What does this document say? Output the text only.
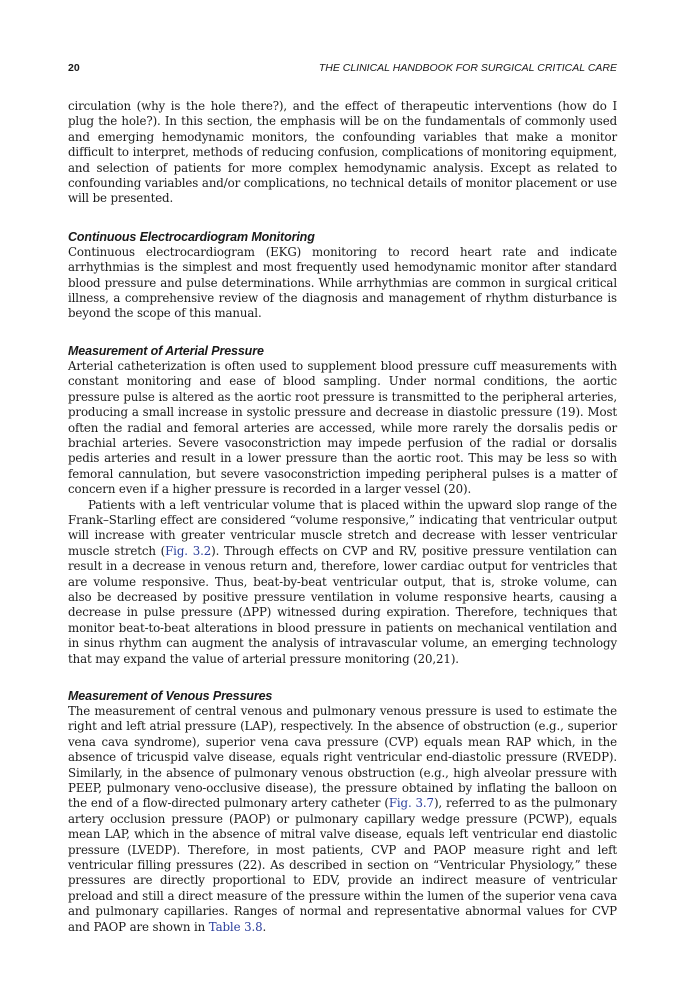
20	THE CLINICAL HANDBOOK FOR SURGICAL CRITICAL CARE

circulation (why is the hole there?), and the effect of therapeutic interventions (how do I plug the hole?). In this section, the emphasis will be on the fundamentals of commonly used and emerging hemodynamic monitors, the confounding variables that make a monitor difficult to interpret, methods of reducing confusion, complications of monitoring equipment, and selection of patients for more complex hemodynamic analysis. Except as related to confounding variables and/or complications, no technical details of monitor placement or use will be presented.

Continuous Electrocardiogram Monitoring

Continuous electrocardiogram (EKG) monitoring to record heart rate and indicate arrhythmias is the simplest and most frequently used hemodynamic monitor after standard blood pressure and pulse determinations. While arrhythmias are common in surgical critical illness, a comprehensive review of the diagnosis and management of rhythm disturbance is beyond the scope of this manual.

Measurement of Arterial Pressure

Arterial catheterization is often used to supplement blood pressure cuff measurements with constant monitoring and ease of blood sampling. Under normal conditions, the aortic pressure pulse is altered as the aortic root pressure is transmitted to the peripheral arteries, producing a small increase in systolic pressure and decrease in diastolic pressure (19). Most often the radial and femoral arteries are accessed, while more rarely the dorsalis pedis or brachial arteries. Severe vasoconstriction may impede perfusion of the radial or dorsalis pedis arteries and result in a lower pressure than the aortic root. This may be less so with femoral cannulation, but severe vasoconstriction impeding peripheral pulses is a matter of concern even if a higher pressure is recorded in a larger vessel (20).

Patients with a left ventricular volume that is placed within the upward slop range of the Frank–Starling effect are considered “volume responsive,” indicating that ventricular output will increase with greater ventricular muscle stretch and decrease with lesser ventricular muscle stretch (Fig. 3.2). Through effects on CVP and RV, positive pressure ventilation can result in a decrease in venous return and, therefore, lower cardiac output for ventricles that are volume responsive. Thus, beat-by-beat ventricular output, that is, stroke volume, can also be decreased by positive pressure ventilation in volume responsive hearts, causing a decrease in pulse pressure (ΔPP) witnessed during expiration. Therefore, techniques that monitor beat-to-beat alterations in blood pressure in patients on mechanical ventilation and in sinus rhythm can augment the analysis of intravascular volume, an emerging technology that may expand the value of arterial pressure monitoring (20,21).

Measurement of Venous Pressures

The measurement of central venous and pulmonary venous pressure is used to estimate the right and left atrial pressure (LAP), respectively. In the absence of obstruction (e.g., superior vena cava syndrome), superior vena cava pressure (CVP) equals mean RAP which, in the absence of tricuspid valve disease, equals right ventricular end-diastolic pressure (RVEDP). Similarly, in the absence of pulmonary venous obstruction (e.g., high alveolar pressure with PEEP, pulmonary veno-occlusive disease), the pressure obtained by inflating the balloon on the end of a flow-directed pulmonary artery catheter (Fig. 3.7), referred to as the pulmonary artery occlusion pressure (PAOP) or pulmonary capillary wedge pressure (PCWP), equals mean LAP, which in the absence of mitral valve disease, equals left ventricular end diastolic pressure (LVEDP). Therefore, in most patients, CVP and PAOP measure right and left ventricular filling pressures (22). As described in section on “Ventricular Physiology,” these pressures are directly proportional to EDV, provide an indirect measure of ventricular preload and still a direct measure of the pressure within the lumen of the superior vena cava and pulmonary capillaries. Ranges of normal and representative abnormal values for CVP and PAOP are shown in Table 3.8.
